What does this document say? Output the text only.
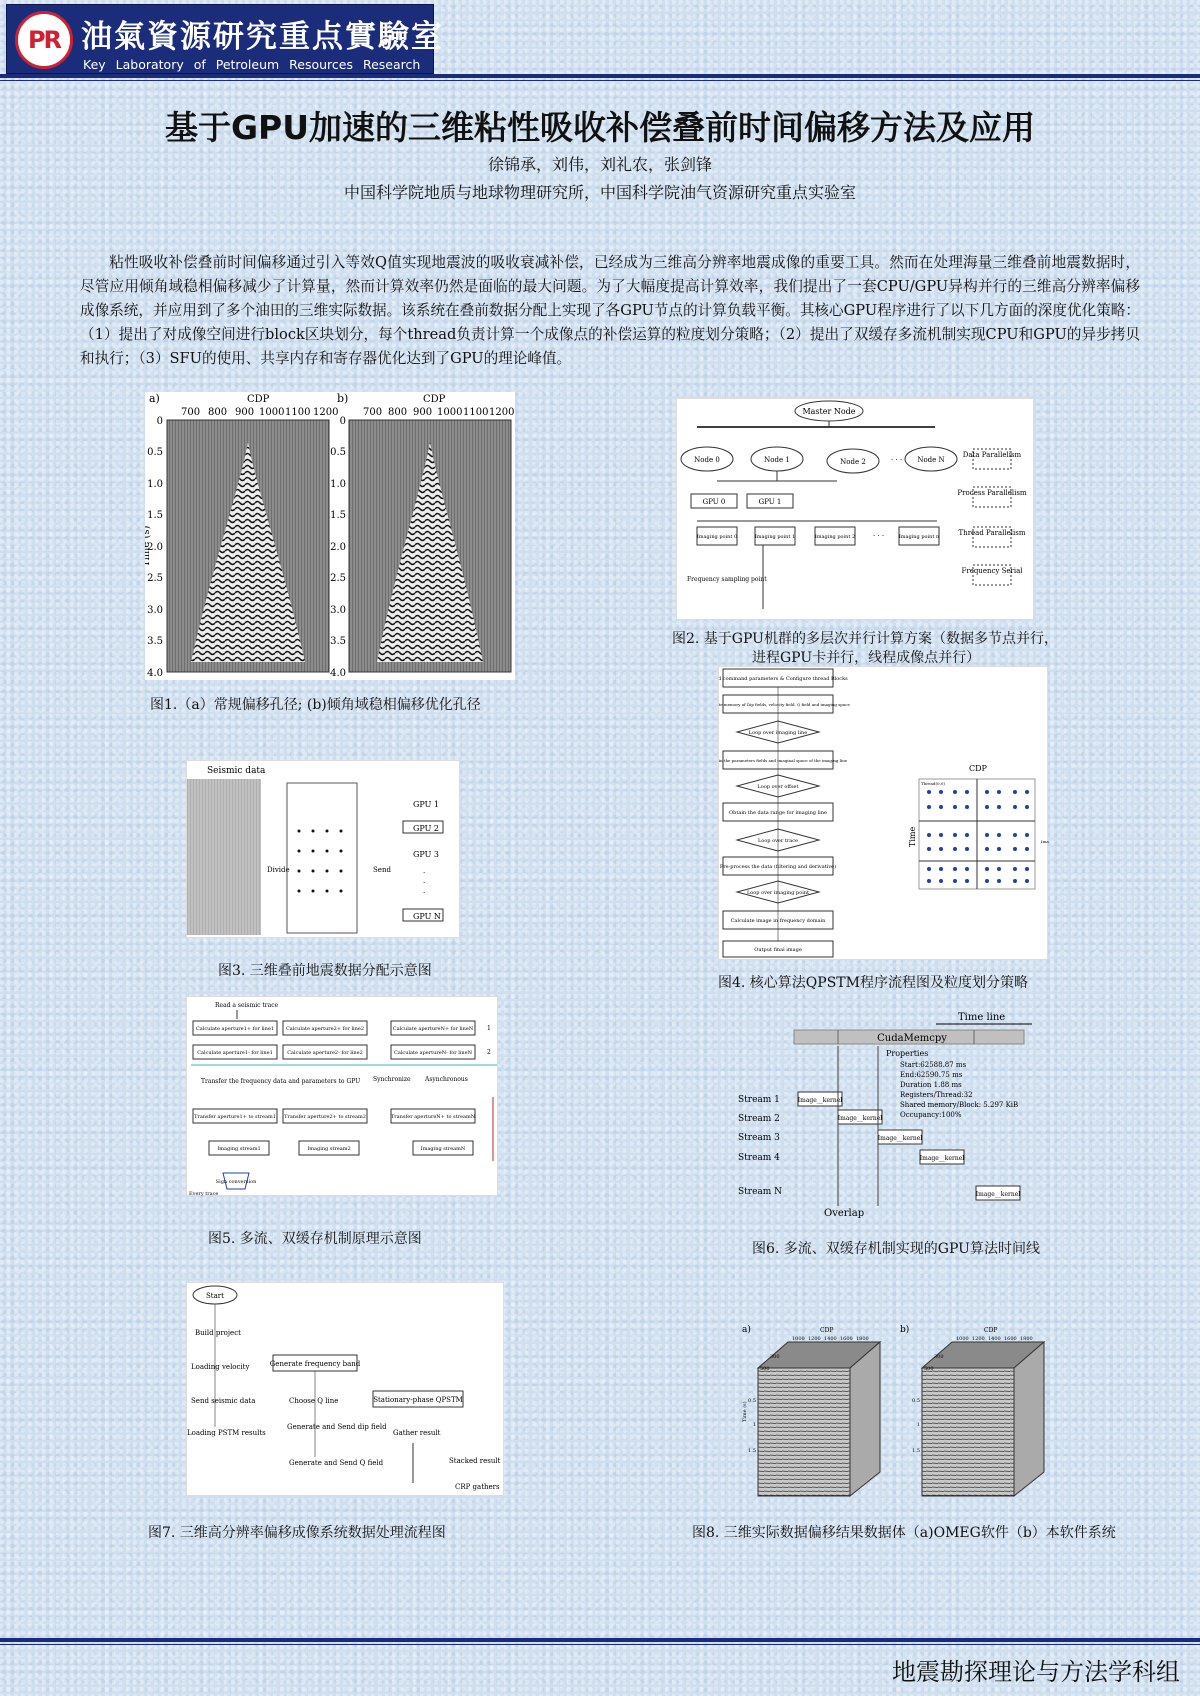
PR 油氣資源研究重点實驗室
Key Laboratory of Petroleum Resources Research
基于GPU加速的三维粘性吸收补偿叠前时间偏移方法及应用
徐锦承，刘伟，刘礼农，张剑锋
中国科学院地质与地球物理研究所，中国科学院油气资源研究重点实验室
粘性吸收补偿叠前时间偏移通过引入等效Q值实现地震波的吸收衰减补偿，已经成为三维高分辨率地震成像的重要工具。然而在处理海量三维叠前地震数据时，尽管应用倾角域稳相偏移减少了计算量，然而计算效率仍然是面临的最大问题。为了大幅度提高计算效率，我们提出了一套CPU/GPU异构并行的三维高分辨率偏移成像系统，并应用到了多个油田的三维实际数据。该系统在叠前数据分配上实现了各GPU节点的计算负载平衡。其核心GPU程序进行了以下几方面的深度优化策略：（1）提出了对成像空间进行block区块划分，每个thread负责计算一个成像点的补偿运算的粒度划分策略；（2）提出了双缓存多流机制实现CPU和GPU的异步拷贝和执行；（3）SFU的使用、共享内存和寄存器优化达到了GPU的理论峰值。
a)	CDP
700 800 900 1000 1100 1200
0
0.5
1.0
1.5
2.0
2.5
3.0
3.5
4.0
Time (s)
b)	CDP
700 800 900 1000 1100 1200
0
0.5
1.0
1.5
2.0
2.5
3.0
3.5
4.0
图1.（a）常规偏移孔径; (b)倾角域稳相偏移优化孔径
Master Node
Node 0	Node 1	Node 2	· · · Node N
Data Parallelism
GPU 0	GPU 1
Process Parallelism
Imaging point 0	Imaging point 1	Imaging point 2	· · ·	Imaging point n	Thread Parallelism
Frequency sampling point
Frequency Serial
图2. 基于GPU机群的多层次并行计算方案（数据多节点并行，
进程GPU卡并行，线程成像点并行）
Seismic data
Divide	Send
GPU 1
GPU 2
GPU 3
·
·
·
GPU N
图3. 三维叠前地震数据分配示意图
Read command parameters & Configure thread Blocks
Allocate memory of Dip fields, velocity field, Q field and imaging space
Loop over imaging line
Obtain the parameters fields and imaginal space of the imaging line
Loop over offset
Obtain the data range for imaging line
Loop over trace
Pre-process the data (filtering and derivative)
Loop over imaging point
Calculate image in frequency domain
Output final image
CDP
Time
Thread(0,0)
Ima
图4. 核心算法QPSTM程序流程图及粒度划分策略
Read a seismic trace
Calculate aperture1+ for line1 Calculate aperture2+ for line2	Calculate apertureN+ for lineN 1
Calculate aperture1- for line1	Calculate aperture2- for line2	Calculate apertureN- for lineN	2
Transfer the frequency data and parameters to GPU Synchronize Asynchronous
Transfer aperture1+ to stream1 Transfer aperture2+ to stream2	Transfer apertureN+ to streamN
Imaging stream1	Imaging stream2	Imaging streamN
Sign conversion
Every trace
图5. 多流、双缓存机制原理示意图
Time line
CudaMemcpy
Stream 1
Stream 2
Stream 3
Stream 4
Stream N
Properties
Start:62588.87 ms
End:62590.75 ms
Duration 1.88 ms
Registers/Thread:32
Shared memory/Block: 5.297 KiB
Occupancy:100%
Image__kernel
Image__kernel
Image__kernel
Image__kernel
Image__kernel
Overlap
图6. 多流、双缓存机制实现的GPU算法时间线
Start
Build project
Loading velocity
Send seismic data
Loading PSTM results
Generate frequency band
Choose Q line
Generate and Send dip field
Generate and Send Q field
Stationary-phase QPSTM
Gather result
Stacked result
CRP gathers
图7. 三维高分辨率偏移成像系统数据处理流程图
a)	CDP
1000 1200 1400 1600 1800
300
500
0.5
1
1.5
Time (s)
b)	CDP
1000 1200 1400 1600 1800
300
500
0.5
1
1.5
图8. 三维实际数据偏移结果数据体（a)OMEG软件（b）本软件系统
地震勘探理论与方法学科组
